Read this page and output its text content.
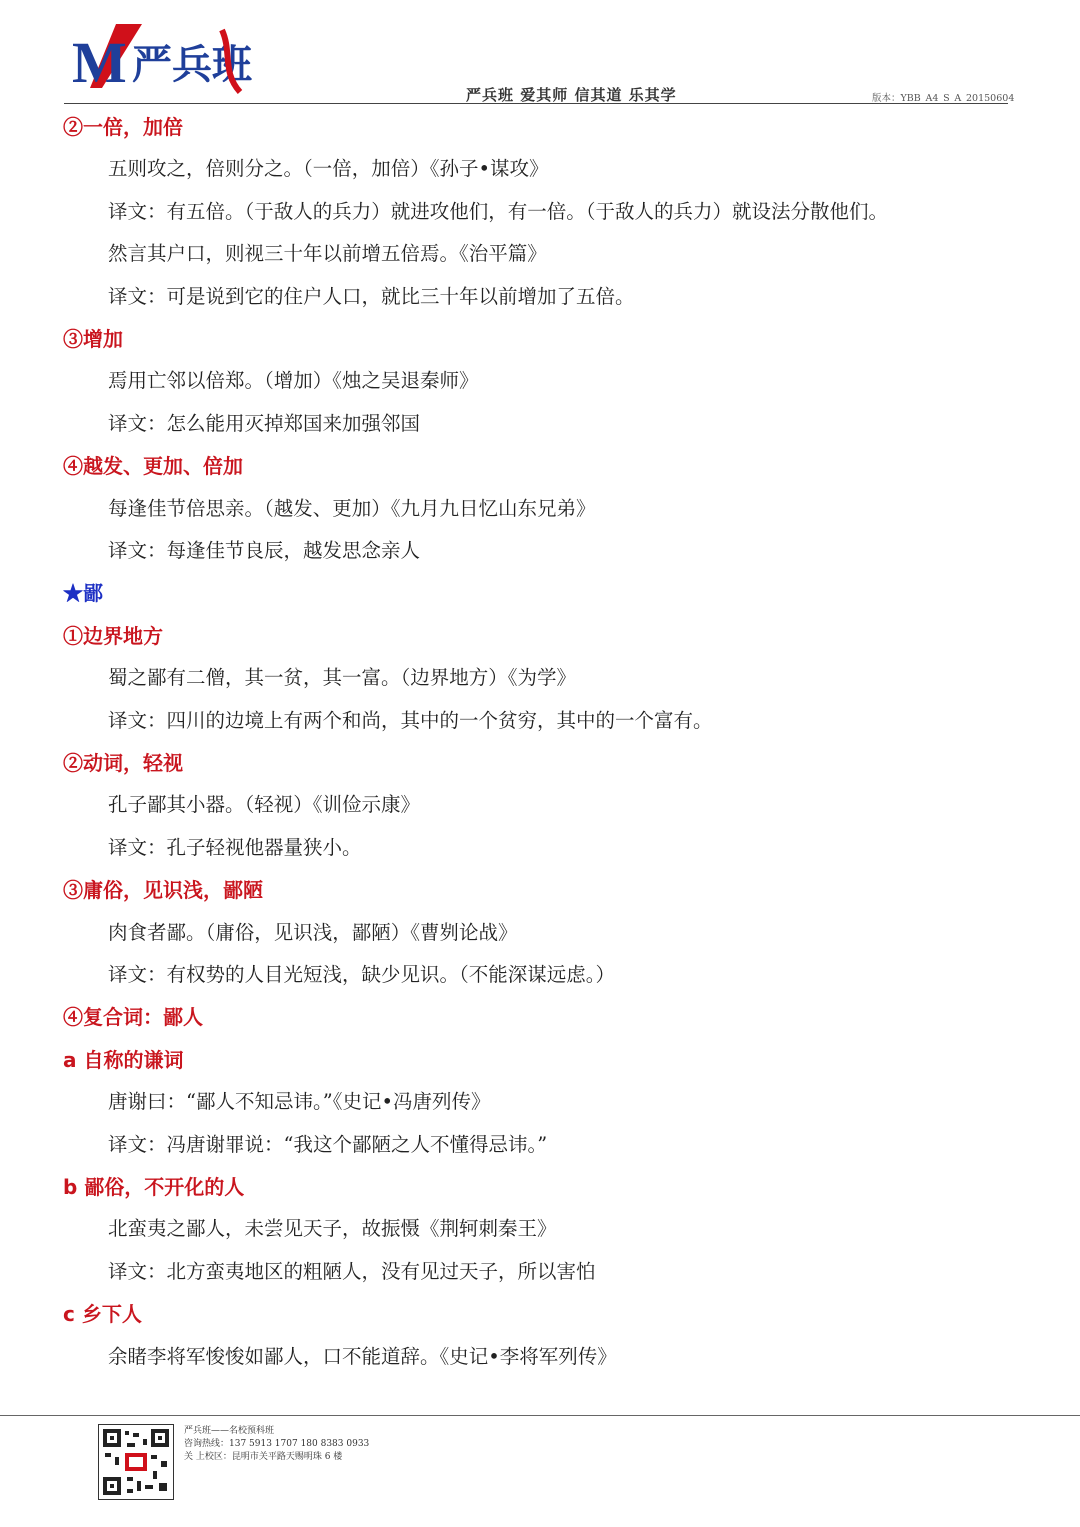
M 严兵班
严兵班 爱其师 信其道 乐其学	版本：YBB_A4_S_A_20150604
②一倍，加倍
五则攻之，倍则分之。（一倍，加倍）《孙子•谋攻》
译文：有五倍。（于敌人的兵力）就进攻他们，有一倍。（于敌人的兵力）就设法分散他们。
然言其户口，则视三十年以前增五倍焉。《治平篇》
译文：可是说到它的住户人口，就比三十年以前增加了五倍。
③增加
焉用亡邻以倍郑。（增加）《烛之吴退秦师》
译文：怎么能用灭掉郑国来加强邻国
④越发、更加、倍加
每逢佳节倍思亲。（越发、更加）《九月九日忆山东兄弟》
译文：每逢佳节良辰，越发思念亲人
★鄙
①边界地方
蜀之鄙有二僧，其一贫，其一富。（边界地方）《为学》
译文：四川的边境上有两个和尚，其中的一个贫穷，其中的一个富有。
②动词，轻视
孔子鄙其小器。（轻视）《训俭示康》
译文：孔子轻视他器量狭小。
③庸俗，见识浅，鄙陋
肉食者鄙。（庸俗，见识浅，鄙陋）《曹刿论战》
译文：有权势的人目光短浅，缺少见识。（不能深谋远虑。）
④复合词：鄙人
a 自称的谦词
唐谢曰：“鄙人不知忌讳。”《史记•冯唐列传》
译文：冯唐谢罪说：“我这个鄙陋之人不懂得忌讳。”
b 鄙俗，不开化的人
北蛮夷之鄙人，未尝见天子，故振慑《荆轲刺秦王》
译文：北方蛮夷地区的粗陋人，没有见过天子，所以害怕
c 乡下人
余睹李将军悛悛如鄙人，口不能道辞。《史记•李将军列传》
严兵班——名校预科班
咨询热线：137 5913 1707 180 8383 0933
关 上校区：昆明市关平路天赐明珠 6 楼
